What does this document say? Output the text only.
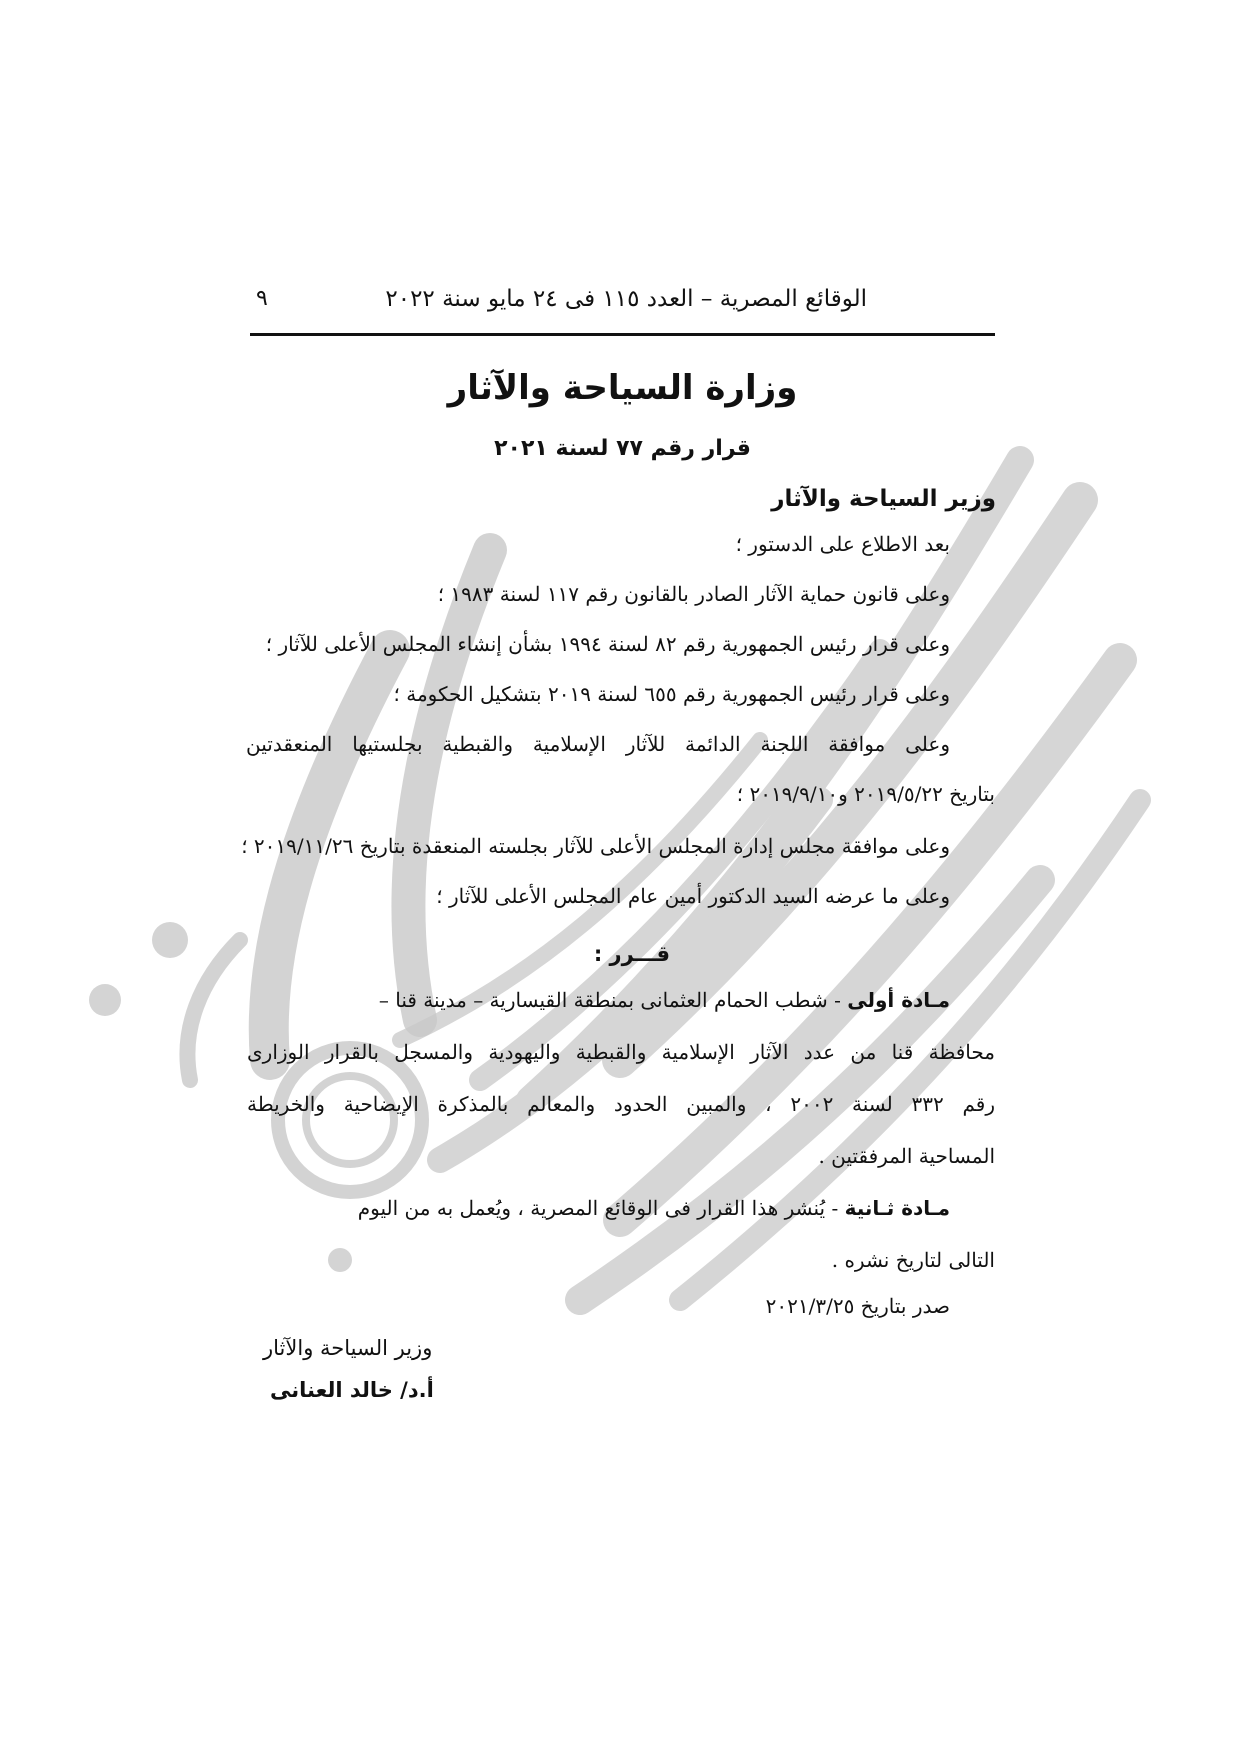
الوقائع المصرية – العدد ١١٥ فى ٢٤ مايو سنة ٢٠٢٢
٩
وزارة السياحة والآثار
قرار رقم ٧٧ لسنة ٢٠٢١
وزير السياحة والآثار
بعد الاطلاع على الدستور ؛
وعلى قانون حماية الآثار الصادر بالقانون رقم ١١٧ لسنة ١٩٨٣ ؛
وعلى قرار رئيس الجمهورية رقم ٨٢ لسنة ١٩٩٤ بشأن إنشاء المجلس الأعلى للآثار ؛
وعلى قرار رئيس الجمهورية رقم ٦٥٥ لسنة ٢٠١٩ بتشكيل الحكومة ؛
وعلى موافقة اللجنة الدائمة للآثار الإسلامية والقبطية بجلستيها المنعقدتين
بتاريخ ٢٠١٩/٥/٢٢ و٢٠١٩/٩/١٠ ؛
وعلى موافقة مجلس إدارة المجلس الأعلى للآثار بجلسته المنعقدة بتاريخ ٢٠١٩/١١/٢٦ ؛
وعلى ما عرضه السيد الدكتور أمين عام المجلس الأعلى للآثار ؛
قـــرر :
مـادة أولى - شطب الحمام العثمانى بمنطقة القيسارية – مدينة قنا –
محافظة قنا من عدد الآثار الإسلامية والقبطية واليهودية والمسجل بالقرار الوزارى
رقم ٣٣٢ لسنة ٢٠٠٢ ، والمبين الحدود والمعالم بالمذكرة الإيضاحية والخريطة
المساحية المرفقتين .
مـادة ثـانية - يُنشر هذا القرار فى الوقائع المصرية ، ويُعمل به من اليوم
التالى لتاريخ نشره .
صدر بتاريخ ٢٠٢١/٣/٢٥
وزير السياحة والآثار
أ.د/ خالد العنانى
